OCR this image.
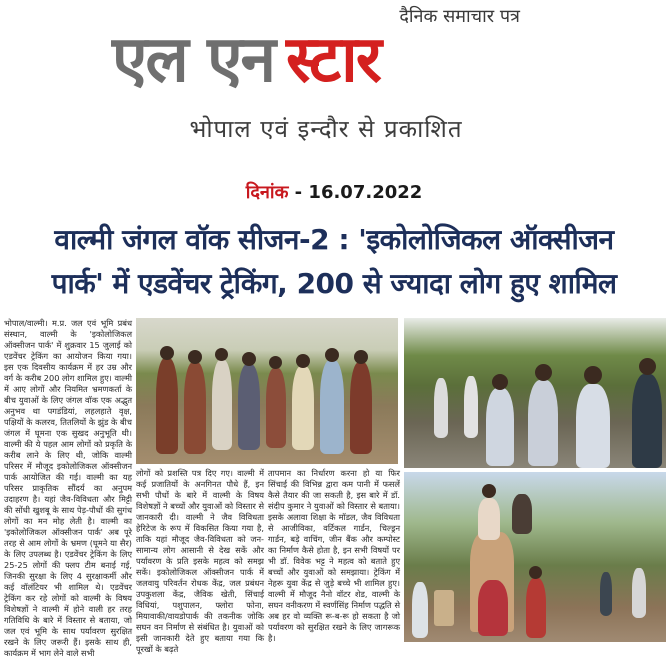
दैनिक समाचार पत्र
एल एन स्टार
भोपाल एवं इन्दौर से प्रकाशित
दिनांक - 16.07.2022
वाल्मी जंगल वॉक सीजन-2 : 'इकोलोजिकल ऑक्सीजन
पार्क' में एडवेंचर ट्रेकिंग, 200 से ज्यादा लोग हुए शामिल
भोपाल/वाल्मी। म.प्र. जल एवं भूमि प्रबंध संस्थान, वाल्मी के 'इकोलोजिकल ऑक्सीजन पार्क' में शुक्रवार 15 जुलाई को एडवेंचर ट्रेकिंग का आयोजन किया गया। इस एक दिवसीय कार्यक्रम में हर उम्र और वर्ग के करीब 200 लोग शामिल हुए। वाल्मी में आए लोगों और नियमित भ्रमणकर्ता के बीच युवाओं के लिए जंगल वॉक एक अद्भुत अनुभव था पगडंडियां, लहलहाते वृक्ष, पक्षियों के कलरव, तितलियों के झुंड के बीच जंगल में घूमना एक सुखद अनुभूति थी। वाल्मी की ये पहल आम लोगों को प्रकृति के करीब लाने के लिए थी, जोकि वाल्मी परिसर में मौजूद इकोलोजिकल ऑक्सीजन पार्क आयोजित की गई। वाल्मी का यह परिसर प्राकृतिक सौंदर्य का अनुपम उदाहरण है। यहां जैव-विविधता और मिट्टी की सोंधी खुशबू के साथ पेड़-पौधों की सुगंध लोगों का मन मोह लेती है। वाल्मी का 'इकोलोजिकल ऑक्सीजन पार्क' अब पूरे तरह से आम लोगों के भ्रमण (घूमने या सैर) के लिए उपलब्ध है। एडवेंचर ट्रेकिंग के लिए 25-25 लोगों की फ्लप टीम बनाई गई, जिनकी सुरक्षा के लिए 4 सुरक्षाकर्मी और कई वॉलंटियर भी शामिल थे। एडवेंचर ट्रेकिंग कर रहे लोगों को वाल्मी के विषय विशेषज्ञों ने वाल्मी में होने वाली हर तरह गतिविधि के बारे में विस्तार से बताया, जो जल एवं भूमि के साथ पर्यावरण सुरक्षित रखने के लिए जरूरी हैं। इसके साथ ही, कार्यक्रम में भाग लेने वाले सभी
लोगों को प्रशस्ति पत्र दिए गए। वाल्मी में कई प्रजातियों के अनगिनत पौधे हैं, इन सभी पौधों के बारे में वाल्मी के विषय विशेषज्ञों ने बच्चों और युवाओं को विस्तार से जानकारी दी। वाल्मी ने जैव विविधता हेरिटेज के रूप में विकसित किया गया है, ताकि यहां मौजूद जैव-विविधता को जन-सामान्य लोग आसानी से देख सकें और पर्यावरण के प्रति इसके महत्व को समझ सकें। इकोलोजिकल ऑक्सीजन पार्क में जलवायु परिवर्तन रोधक केंद्र, जल प्रबंधन उपकुशला केंद्र, जैविक खेती, सिंचाई विधियां, पशुपालन, फ्लोरा फोना, मियावाकी/वायडोपार्क की तकनीक जोकि सघन वन निर्माण से संबंधित है। युवाओं को इसी जानकारी देते हुए बताया गया कि पूरखों के बढ़ते
तापमान का निर्धारण करना हो या फिर सिंचाई की विभिन्न द्वारा कम पानी में फसलें कैसे तैयार की जा सकती है, इस बारे में डॉ. संदीप कुमार ने युवाओं को विस्तार से बताया। इसके अलावा शिक्षा के मॉडल, जैव विविधता से आजीविका, वर्टिकल गार्डन, चिल्ड्रन गार्डन, बड़े वाचिंग, जीन बैंक और कम्पोस्ट का निर्माण कैसे होता है, इन सभी विषयों पर भी डॉ. विवेक भट्ट ने महत्व को बताते हुए बच्चों और युवाओं को समझाया। ट्रेकिंग में नेहरू युवा केंद्र से जुड़े बच्चे भी शामिल हुए। वाल्मी में मौजूद नैनो वॉटर शेड, वाल्मी के सघन वनीकरण में स्वर्णसिंह निर्माण पद्धति से अब हर वो व्यक्ति रू-ब-रू हो सकता है जो पर्यावरण को सुरक्षित रखने के लिए जागरूक है।
